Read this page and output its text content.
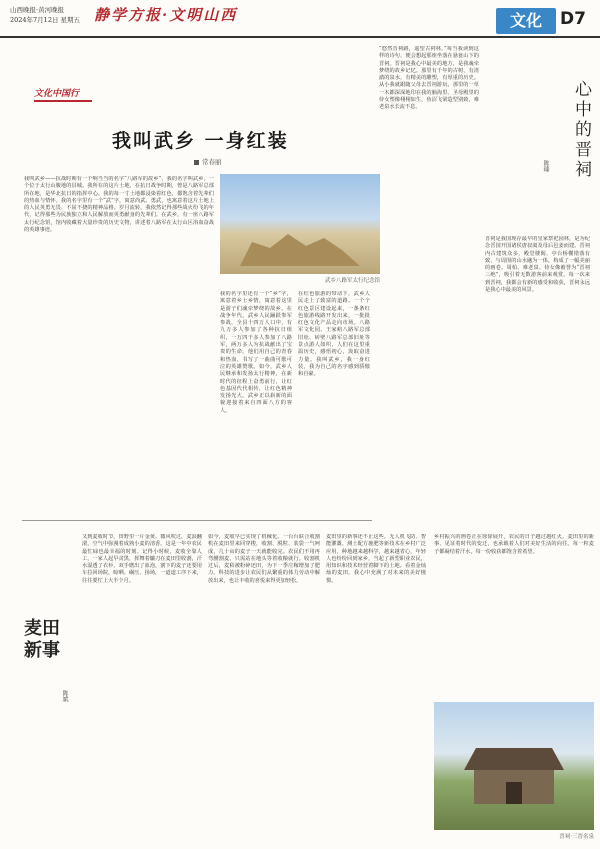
山西晚报·黄河晚报
2024年7月12日 星期五 静学方报·文明山西	文化	D7
文化中国行
我叫武乡 一身红装
常春丽
武乡八路军太行纪念馆
我叫武乡——抗战时期有一个响当当的名字“八路军的故乡”，我的名字叫武乡，一个位于太行山腹地的县城。我所在的这片土地，在抗日战争时期，曾是八路军总部所在地，是华北抗日的指挥中心。我的每一寸土地都浸染着红色，都饱含着先辈们的热血与情怀。我的名字里有一个“武”字，寓意尚武、勇武，也寓意着这片土地上的人民英勇无畏、不屈不挠的精神品格。岁月流转，我依然记得那些战火纷飞的年代，记得那些为民族独立和人民解放而英勇献身的先辈们。在武乡，有一座八路军太行纪念馆，馆内收藏着大量珍贵的历史文物，讲述着八路军在太行山区浴血奋战的英雄事迹。
我的名字里还有一个“乡”字，寓意着乡土乡情，寓意着这里是游子们魂牵梦绕的故乡。在战争年代，武乡人民踊跃参军参战，全县十四万人口中，有九万多人参加了各种抗日组织，一万四千多人参加了八路军，两万多人为抗战献出了宝贵的生命。他们用自己的青春和热血，书写了一曲曲可歌可泣的英雄赞歌。如今，武乡人民继承和发扬太行精神，在新时代的征程上奋勇前行，让红色基因代代相传，让红色精神发扬光大。武乡正以崭新的面貌迎接着来自四面八方的客人。
在红色旅游的带动下，武乡人民走上了致富的道路。一个个红色景区建设起来，一条条红色旅游线路开发出来，一批批红色文化产品走向市场。八路军文化园、王家峪八路军总部旧址、砖壁八路军总部旧址等景点游人如织，人们在这里重温历史，感悟初心，汲取奋进力量。我叫武乡，我一身红装，我为自己的名字感到骄傲和自豪。
“悠然晋祠路，遥望古祠林。”每当我读到这样的诗句，便会想起那座坐落在悬瓮山下的晋祠。晋祠是我心中最美的地方，是我魂牵梦绕的故乡记忆。那里有千年的古树，有清澈的泉水，有精美的雕塑，有厚重的历史。从小我就跟随父母去晋祠游玩，那里的一草一木都深深地印在我的脑海里。圣母殿里的侍女塑像栩栩如生，鱼沼飞梁造型别致，难老泉水长流不息。
晋祠是我国现存最早的皇家祭祀园林，是为纪念晋国开国诸侯唐叔虞及母后邑姜而建。晋祠内古建筑众多，殿堂楼阁、亭台桥榭错落有致，与周围的山水融为一体，构成了一幅美丽的画卷。周柏、难老泉、侍女像被誉为“晋祠三绝”，吸引着无数游客前来观赏。每一次来到晋祠，我都会有新的感受和收获，晋祠永远是我心中最美的风景。
心中的晋祠
陈臻
麦田新事
陈斌
又到麦收时节，田野里一片金黄。微风吹过，麦浪翻滚，空气中弥漫着成熟小麦的清香。这是一年中农民最忙碌也最幸福的时刻。记得小时候，麦收全靠人工，一家人起早贪黑，挥舞着镰刀在麦田里收割，汗水湿透了衣衫，双手磨出了血泡。割下的麦子还要用车拉回场院，晾晒、碾压、扬场，一道道工序下来，往往要忙上大半个月。
如今，麦收早已实现了机械化。一台台联合收割机在麦田里来回穿梭，收割、脱粒、装袋一气呵成，几十亩的麦子一天就能收完。农民们不用再弯腰割麦，只需站在地头等着收粮就行。收割机过后，麦秸被粉碎还田，为下一季庄稼增加了肥力。科技的进步让农民们从繁重的体力劳动中解放出来，也让丰收的喜悦来得更加轻松。
麦田里的新事还不止这些。无人机飞防、智能灌溉、测土配方施肥等新技术在乡村广泛应用，种地越来越科学，越来越省心。年轻人也纷纷回到家乡，当起了新型职业农民，用知识和技术经营着脚下的土地。看着金灿灿的麦田，我心中充满了对未来的美好憧憬。
乡村振兴的画卷正在徐徐展开，农民的日子越过越红火。麦田里的新事，见证着时代的变迁，也承载着人们对美好生活的向往。每一粒麦子都凝结着汗水，每一份收获都饱含着希望。
晋祠·三晋名泉
